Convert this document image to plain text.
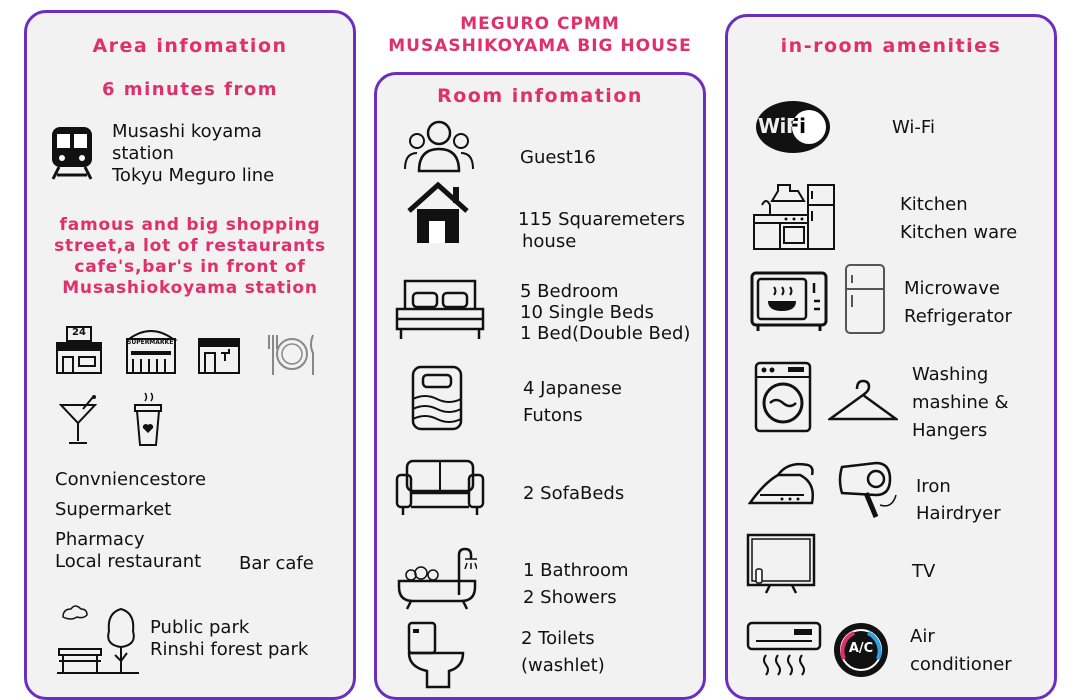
MEGURO CPMM
MUSASHIKOYAMA BIG HOUSE
Area infomation
6 minutes from
Musashi koyama
station
Tokyu Meguro line
famous and big shopping
street,a lot of restaurants
cafe's,bar's in front of
Musashiokoyama station
24
SUPERMARKET
Convniencestore
Supermarket
Pharmacy
Local restaurant Bar cafe
Public park
Rinshi forest park
Room infomation
Guest16
115 Squaremeters
house
5 Bedroom
10 Single Beds
1 Bed(Double Bed)
4 Japanese
Futons
2 SofaBeds
1 Bathroom
2 Showers
2 Toilets
(washlet)
in-room amenities
WiFi	Wi-Fi
Kitchen
Kitchen ware
Microwave
Refrigerator
Washing
mashine &
Hangers
Iron
Hairdryer
TV
A/C
Air
conditioner
